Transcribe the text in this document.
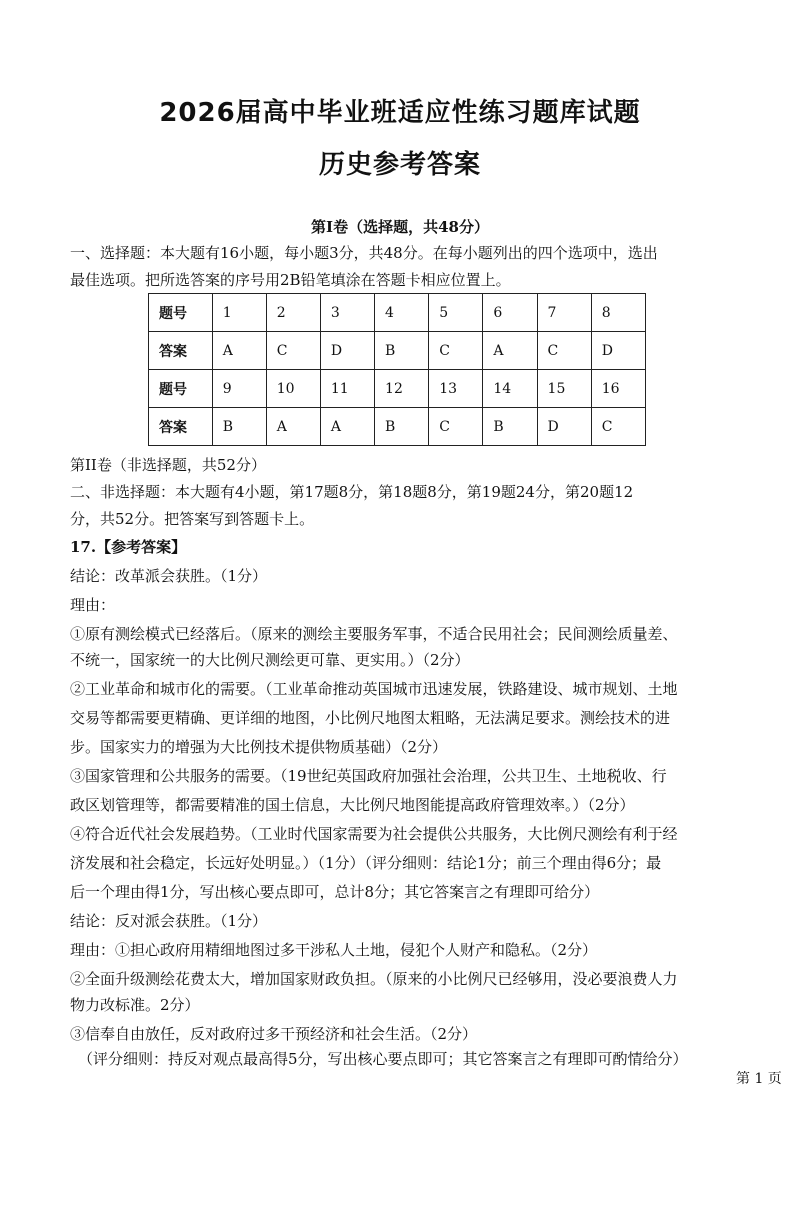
2026届高中毕业班适应性练习题库试题
历史参考答案
第Ⅰ卷（选择题，共48分）
一、选择题：本大题有16小题，每小题3分，共48分。在每小题列出的四个选项中，选出
最佳选项。把所选答案的序号用2B铅笔填涂在答题卡相应位置上。
题号	1	2	3	4	5	6	7	8
答案	A	C	D	B	C	A	C	D
题号	9	10	11	12	13	14	15	16
答案	B	A	A	B	C	B	D	C
第II卷（非选择题，共52分）
二、非选择题：本大题有4小题，第17题8分，第18题8分，第19题24分，第20题12
分，共52分。把答案写到答题卡上。
17.【参考答案】
结论：改革派会获胜。（1分）
理由：
①原有测绘模式已经落后。（原来的测绘主要服务军事，不适合民用社会；民间测绘质量差、
不统一，国家统一的大比例尺测绘更可靠、更实用。）（2分）
②工业革命和城市化的需要。（工业革命推动英国城市迅速发展，铁路建设、城市规划、土地
交易等都需要更精确、更详细的地图，小比例尺地图太粗略，无法满足要求。测绘技术的进
步。国家实力的增强为大比例技术提供物质基础）（2分）
③国家管理和公共服务的需要。（19世纪英国政府加强社会治理，公共卫生、土地税收、行
政区划管理等，都需要精准的国土信息，大比例尺地图能提高政府管理效率。）（2分）
④符合近代社会发展趋势。（工业时代国家需要为社会提供公共服务，大比例尺测绘有利于经
济发展和社会稳定，长远好处明显。）（1分）（评分细则：结论1分；前三个理由得6分；最
后一个理由得1分，写出核心要点即可，总计8分；其它答案言之有理即可给分）
结论：反对派会获胜。（1分）
理由：①担心政府用精细地图过多干涉私人土地，侵犯个人财产和隐私。（2分）
②全面升级测绘花费太大，增加国家财政负担。（原来的小比例尺已经够用，没必要浪费人力
物力改标准。2分）
③信奉自由放任，反对政府过多干预经济和社会生活。（2分）
（评分细则：持反对观点最高得5分，写出核心要点即可；其它答案言之有理即可酌情给分）
第 1 页
